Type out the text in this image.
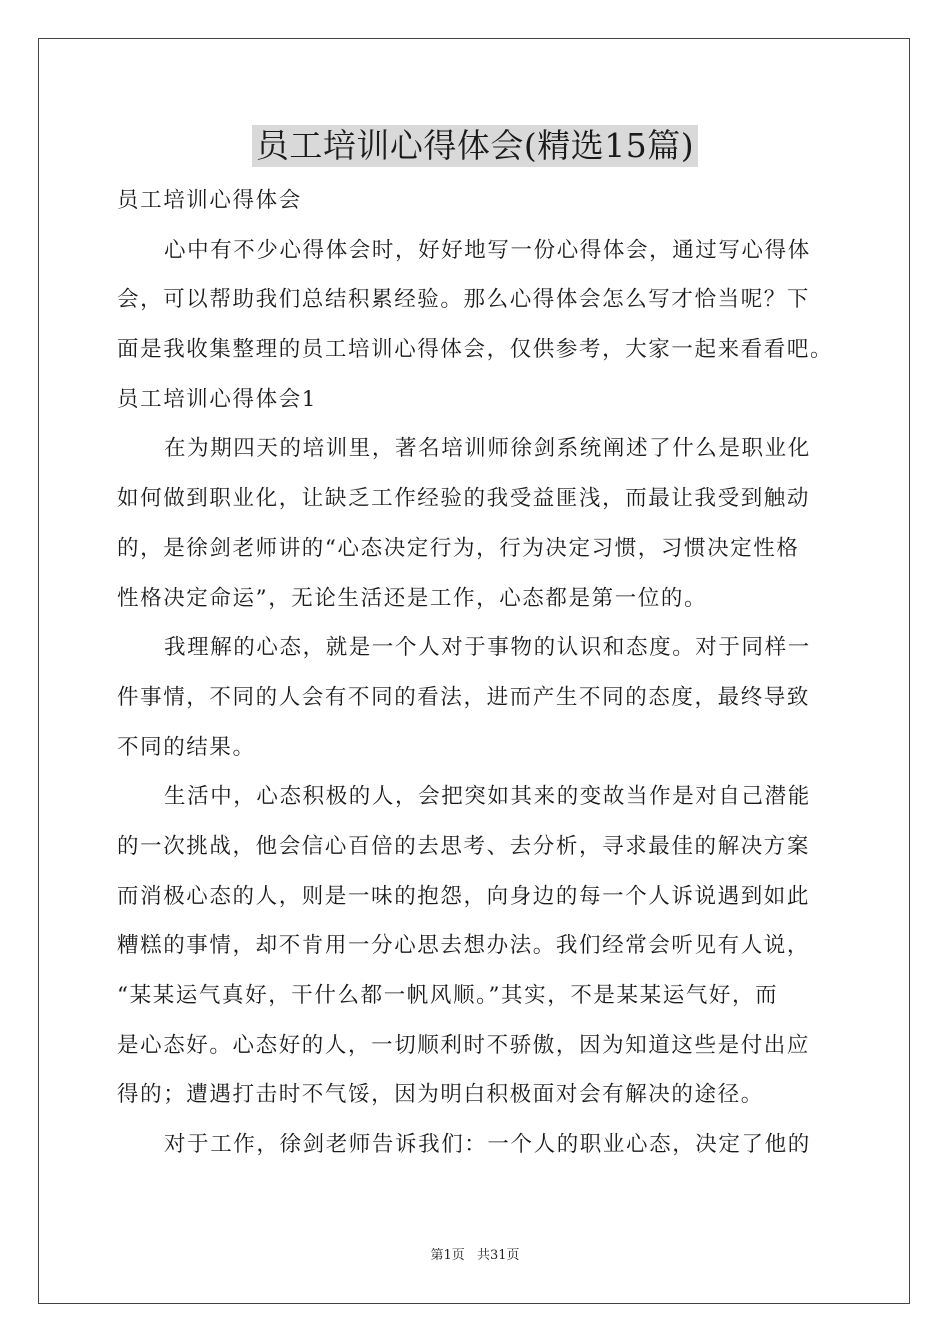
员工培训心得体会(精选15篇)
员工培训心得体会
心中有不少心得体会时，好好地写一份心得体会，通过写心得体
会，可以帮助我们总结积累经验。那么心得体会怎么写才恰当呢？下
面是我收集整理的员工培训心得体会，仅供参考，大家一起来看看吧。
员工培训心得体会1
在为期四天的培训里，著名培训师徐剑系统阐述了什么是职业化
如何做到职业化，让缺乏工作经验的我受益匪浅，而最让我受到触动
的，是徐剑老师讲的“心态决定行为，行为决定习惯，习惯决定性格
性格决定命运”，无论生活还是工作，心态都是第一位的。
我理解的心态，就是一个人对于事物的认识和态度。对于同样一
件事情，不同的人会有不同的看法，进而产生不同的态度，最终导致
不同的结果。
生活中，心态积极的人，会把突如其来的变故当作是对自己潜能
的一次挑战，他会信心百倍的去思考、去分析，寻求最佳的解决方案
而消极心态的人，则是一味的抱怨，向身边的每一个人诉说遇到如此
糟糕的事情，却不肯用一分心思去想办法。我们经常会听见有人说，
“某某运气真好，干什么都一帆风顺。”其实，不是某某运气好，而
是心态好。心态好的人，一切顺利时不骄傲，因为知道这些是付出应
得的；遭遇打击时不气馁，因为明白积极面对会有解决的途径。
对于工作，徐剑老师告诉我们：一个人的职业心态，决定了他的
第1页 共31页
